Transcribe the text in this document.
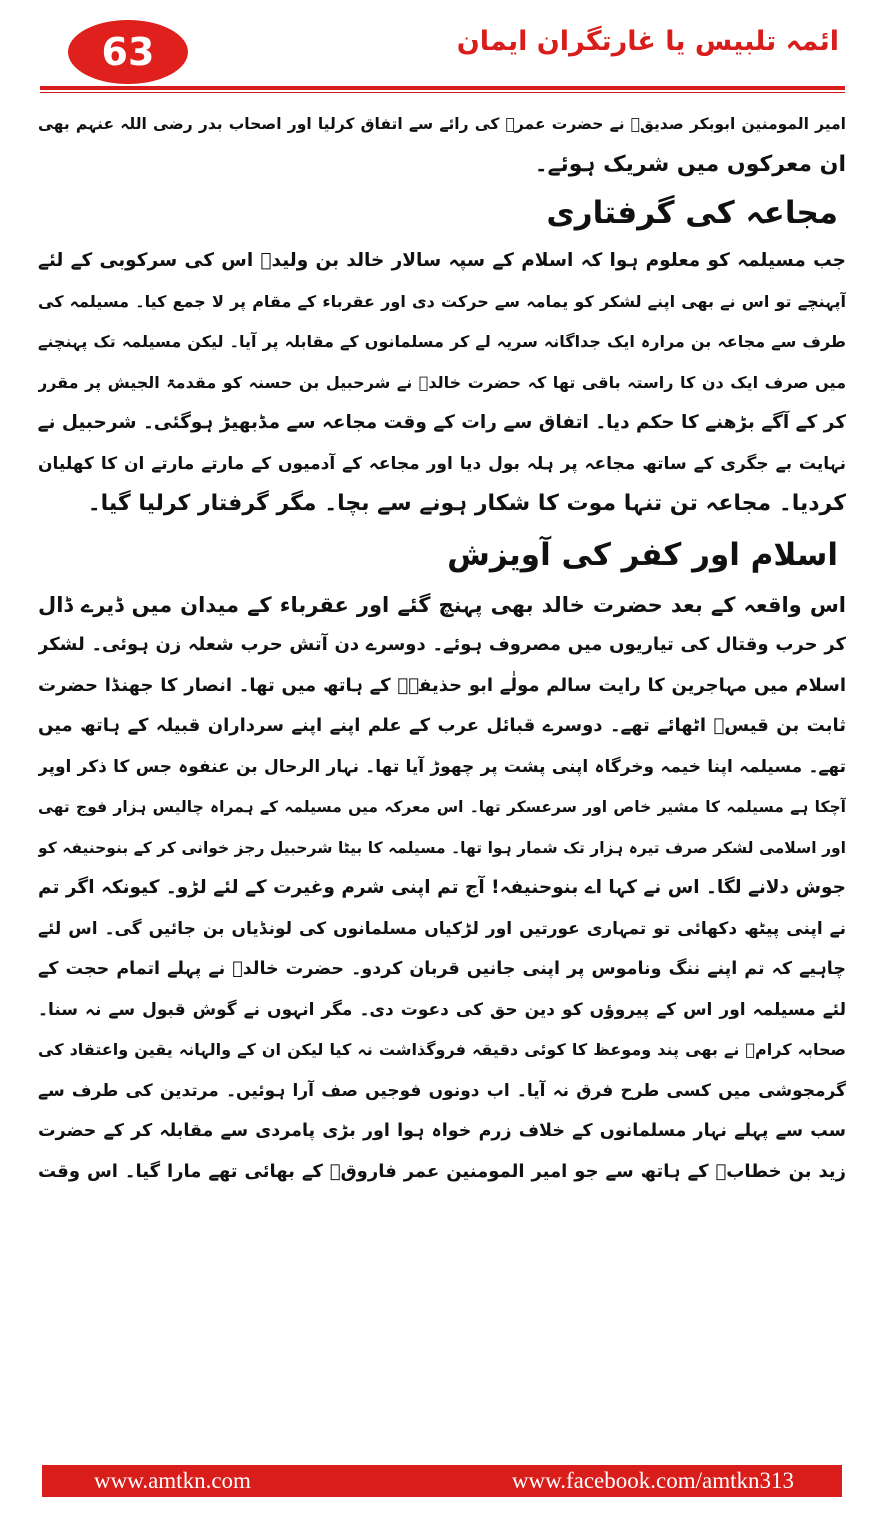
63	ائمہ تلبیس یا غارتگران ایمان
امیر المومنین ابوبکر صدیقؓ نے حضرت عمرؓ کی رائے سے اتفاق کرلیا اور اصحاب بدر رضی اللہ عنہم بھی
ان معرکوں میں شریک ہوئے۔
مجاعہ کی گرفتاری
جب مسیلمہ کو معلوم ہوا کہ اسلام کے سپہ سالار خالد بن ولیدؓ اس کی سرکوبی کے لئے
آپہنچے تو اس نے بھی اپنے لشکر کو یمامہ سے حرکت دی اور عقرباء کے مقام پر لا جمع کیا۔ مسیلمہ کی
طرف سے مجاعہ بن مرارہ ایک جداگانہ سریہ لے کر مسلمانوں کے مقابلہ پر آیا۔ لیکن مسیلمہ تک پہنچنے
میں صرف ایک دن کا راستہ باقی تھا کہ حضرت خالدؓ نے شرحبیل بن حسنہ کو مقدمۃ الجیش پر مقرر
کر کے آگے بڑھنے کا حکم دیا۔ اتفاق سے رات کے وقت مجاعہ سے مڈبھیڑ ہوگئی۔ شرحبیل نے
نہایت بے جگری کے ساتھ مجاعہ پر ہلہ بول دیا اور مجاعہ کے آدمیوں کے مارتے مارتے ان کا کھلیان
کردیا۔ مجاعہ تن تنہا موت کا شکار ہونے سے بچا۔ مگر گرفتار کرلیا گیا۔
اسلام اور کفر کی آویزش
اس واقعہ کے بعد حضرت خالد بھی پہنچ گئے اور عقرباء کے میدان میں ڈیرے ڈال
کر حرب وقتال کی تیاریوں میں مصروف ہوئے۔ دوسرے دن آتش حرب شعلہ زن ہوئی۔ لشکر
اسلام میں مہاجرین کا رایت سالم مولٰے ابو حذیفہؓ کے ہاتھ میں تھا۔ انصار کا جھنڈا حضرت
ثابت بن قیسؓ اٹھائے تھے۔ دوسرے قبائل عرب کے علم اپنے اپنے سرداران قبیلہ کے ہاتھ میں
تھے۔ مسیلمہ اپنا خیمہ وخرگاہ اپنی پشت پر چھوڑ آیا تھا۔ نہار الرحال بن عنفوہ جس کا ذکر اوپر
آچکا ہے مسیلمہ کا مشیر خاص اور سرعسکر تھا۔ اس معرکہ میں مسیلمہ کے ہمراہ چالیس ہزار فوج تھی
اور اسلامی لشکر صرف تیرہ ہزار تک شمار ہوا تھا۔ مسیلمہ کا بیٹا شرحبیل رجز خوانی کر کے بنوحنیفہ کو
جوش دلانے لگا۔ اس نے کہا اے بنوحنیفہ! آج تم اپنی شرم وغیرت کے لئے لڑو۔ کیونکہ اگر تم
نے اپنی پیٹھ دکھائی تو تمہاری عورتیں اور لڑکیاں مسلمانوں کی لونڈیاں بن جائیں گی۔ اس لئے
چاہیے کہ تم اپنے ننگ وناموس پر اپنی جانیں قربان کردو۔ حضرت خالدؓ نے پہلے اتمام حجت کے
لئے مسیلمہ اور اس کے پیروؤں کو دین حق کی دعوت دی۔ مگر انہوں نے گوش قبول سے نہ سنا۔
صحابہ کرامؓ نے بھی پند وموعظ کا کوئی دقیقہ فروگذاشت نہ کیا لیکن ان کے والہانہ یقین واعتقاد کی
گرمجوشی میں کسی طرح فرق نہ آیا۔ اب دونوں فوجیں صف آرا ہوئیں۔ مرتدین کی طرف سے
سب سے پہلے نہار مسلمانوں کے خلاف زرم خواہ ہوا اور بڑی پامردی سے مقابلہ کر کے حضرت
زید بن خطابؓ کے ہاتھ سے جو امیر المومنین عمر فاروقؓ کے بھائی تھے مارا گیا۔ اس وقت
www.amtkn.com	www.facebook.com/amtkn313
